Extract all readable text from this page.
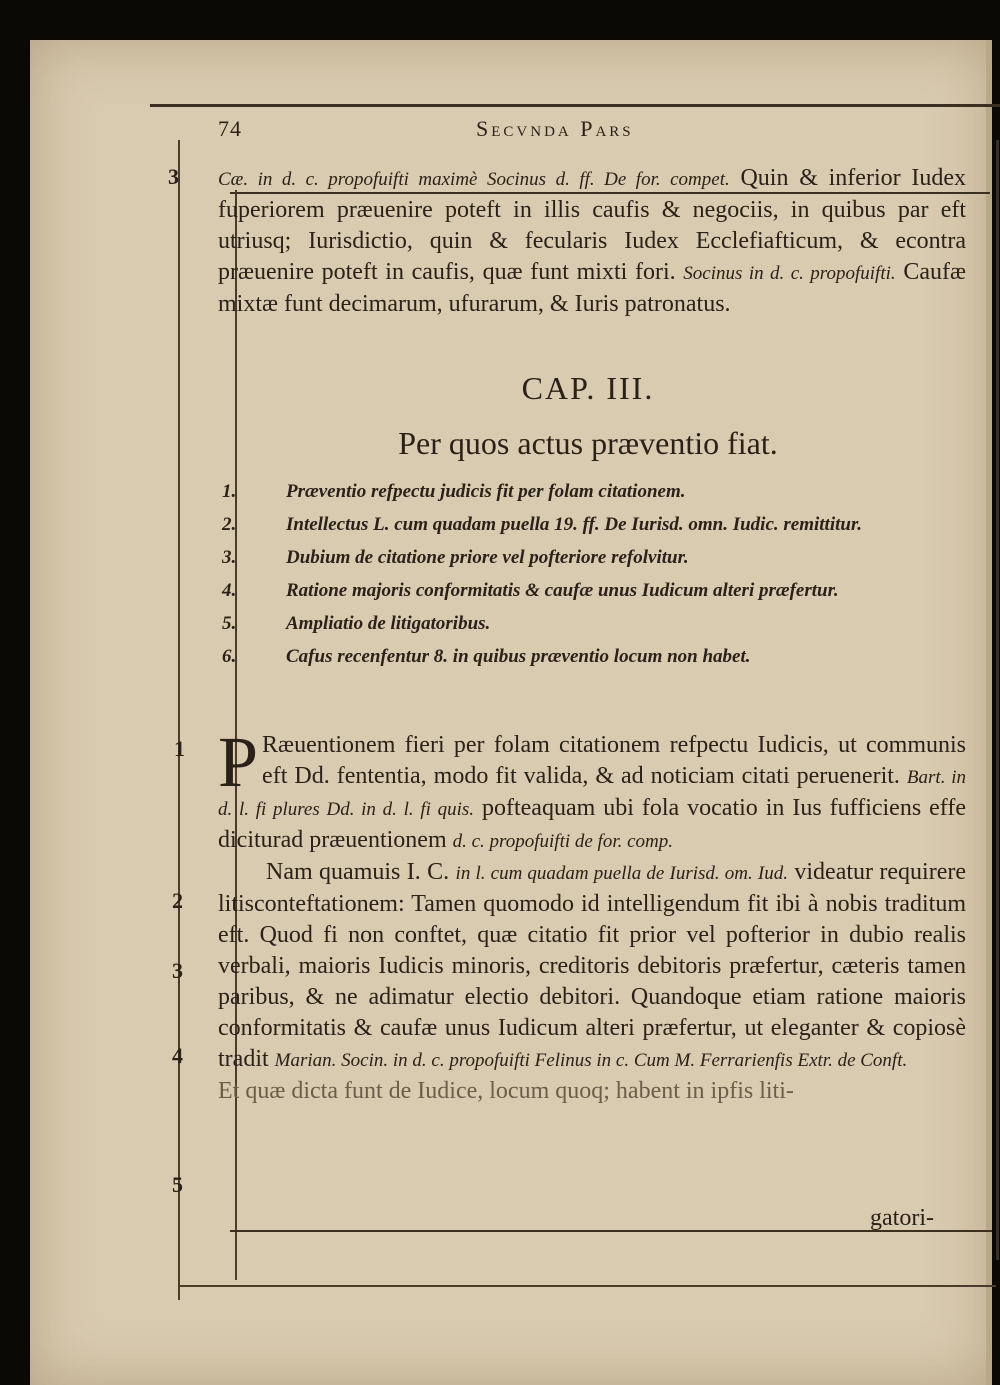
74	Secvnda Pars
3
1
2
3
4
5

Cæ. in d. c. propofuifti maximè Socinus d. ff. De for. compet. Quin & inferior Iudex fuperiorem præuenire poteft in illis caufis & negociis, in quibus par eft utriusq; Iurisdictio, quin & fecularis Iudex Ecclefiafticum, & econtra præuenire poteft in caufis, quæ funt mixti fori. Socinus in d. c. propofuifti. Caufæ mixtæ funt decimarum, ufurarum, & Iuris patronatus.

CAP. III.
Per quos actus præventio fiat.
1.	Præventio refpectu judicis fit per folam citationem.
2.	Intellectus L. cum quadam puella 19. ff. De Iurisd. omn. Iudic. remittitur.
3.	Dubium de citatione priore vel pofteriore refolvitur.
4.	Ratione majoris conformitatis & caufæ unus Iudicum alteri præfertur.
5.	Ampliatio de litigatoribus.
6.	Cafus recenfentur 8. in quibus præventio locum non habet.

P Ræuentionem fieri per folam citationem refpectu Iudicis, ut communis eft Dd. fententia, modo fit valida, & ad noticiam citati peruenerit. Bart. in d. l. fi plures Dd. in d. l. fi quis. pofteaquam ubi fola vocatio in Ius fufficiens effe diciturad præuentionem d. c. propofuifti de for. comp.

Nam quamuis I. C. in l. cum quadam puella de Iurisd. om. Iud. videatur requirere litisconteftationem: Tamen quomodo id intelligendum fit ibi à nobis traditum eft. Quod fi non conftet, quæ citatio fit prior vel pofterior in dubio realis verbali, maioris Iudicis minoris, creditoris debitoris præfertur, cæteris tamen paribus, & ne adimatur electio debitori. Quandoque etiam ratione maioris conformitatis & caufæ unus Iudicum alteri præfertur, ut eleganter & copiosè tradit Marian. Socin. in d. c. propofuifti Felinus in c. Cum M. Ferrarienfis Extr. de Conft.

Et quæ dicta funt de Iudice, locum quoq; habent in ipfis liti-

gatori-
